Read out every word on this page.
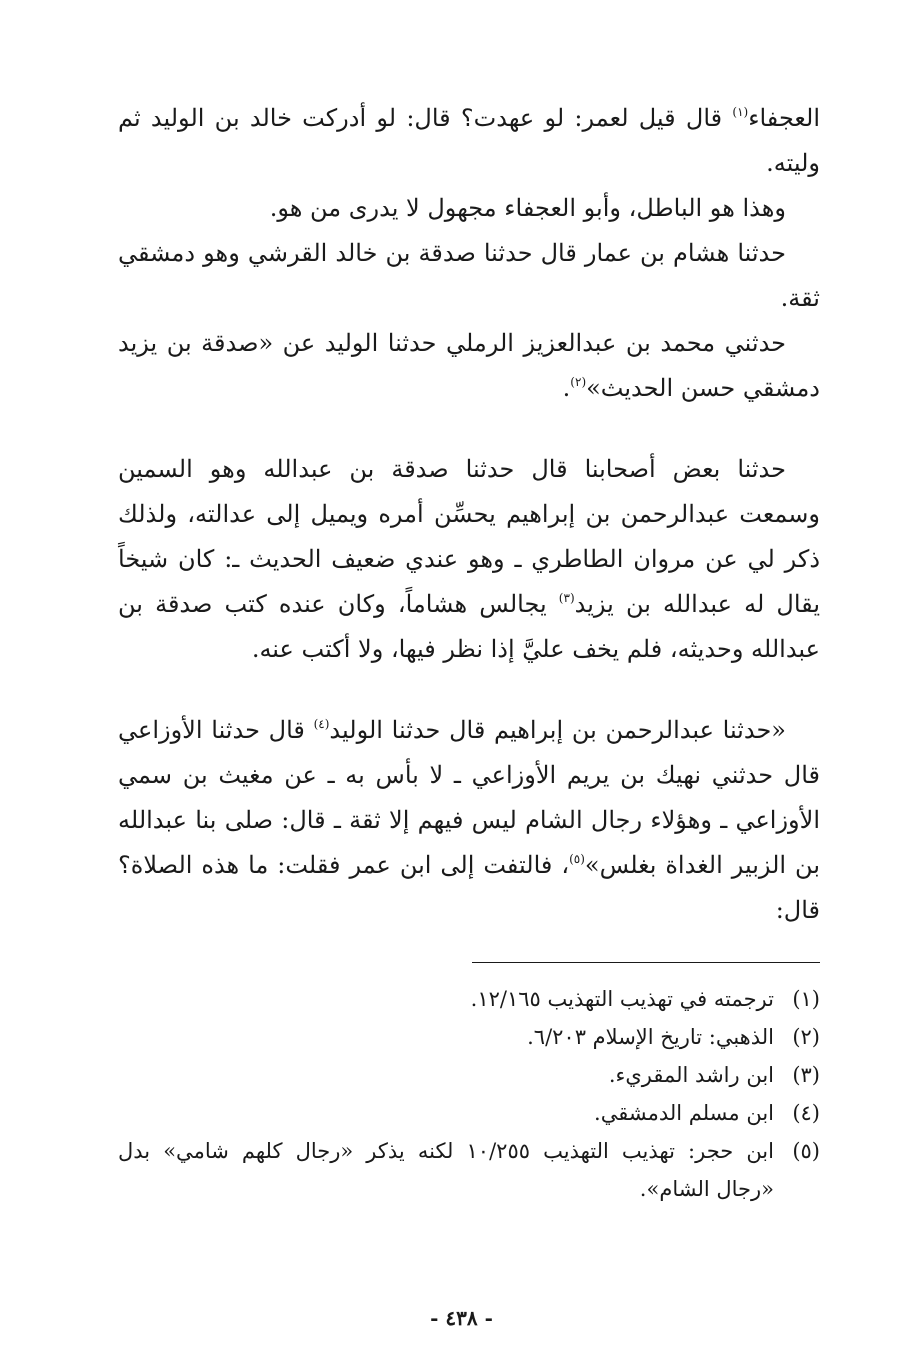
العجفاء$^{(١)}$ قال قيل لعمر: لو عهدت؟ قال: لو أدركت خالد بن الوليد ثم وليته.

وهذا هو الباطل، وأبو العجفاء مجهول لا يدرى من هو.

حدثنا هشام بن عمار قال حدثنا صدقة بن خالد القرشي وهو دمشقي ثقة.

حدثني محمد بن عبدالعزيز الرملي حدثنا الوليد عن «صدقة بن يزيد دمشقي حسن الحديث»$^{(٢)}$.

حدثنا بعض أصحابنا قال حدثنا صدقة بن عبدالله وهو السمين وسمعت عبدالرحمن بن إبراهيم يحسِّن أمره ويميل إلى عدالته، ولذلك ذكر لي عن مروان الطاطري ـ وهو عندي ضعيف الحديث ـ: كان شيخاً يقال له عبدالله بن يزيد$^{(٣)}$ يجالس هشاماً، وكان عنده كتب صدقة بن عبدالله وحديثه، فلم يخف عليَّ إذا نظر فيها، ولا أكتب عنه.

«حدثنا عبدالرحمن بن إبراهيم قال حدثنا الوليد$^{(٤)}$ قال حدثنا الأوزاعي قال حدثني نهيك بن يريم الأوزاعي ـ لا بأس به ـ عن مغيث بن سمي الأوزاعي ـ وهؤلاء رجال الشام ليس فيهم إلا ثقة ـ قال: صلى بنا عبدالله بن الزبير الغداة بغلس»$^{(٥)}$، فالتفت إلى ابن عمر فقلت: ما هذه الصلاة؟ قال:

(١)
ترجمته في تهذيب التهذيب ١٢/١٦٥.

(٢)
الذهبي: تاريخ الإسلام ٦/٢٠٣.

(٣)
ابن راشد المقريء.

(٤)
ابن مسلم الدمشقي.

(٥)
ابن حجر: تهذيب التهذيب ١٠/٢٥٥ لكنه يذكر «رجال كلهم شامي» بدل «رجال الشام».

- ٤٣٨ -
